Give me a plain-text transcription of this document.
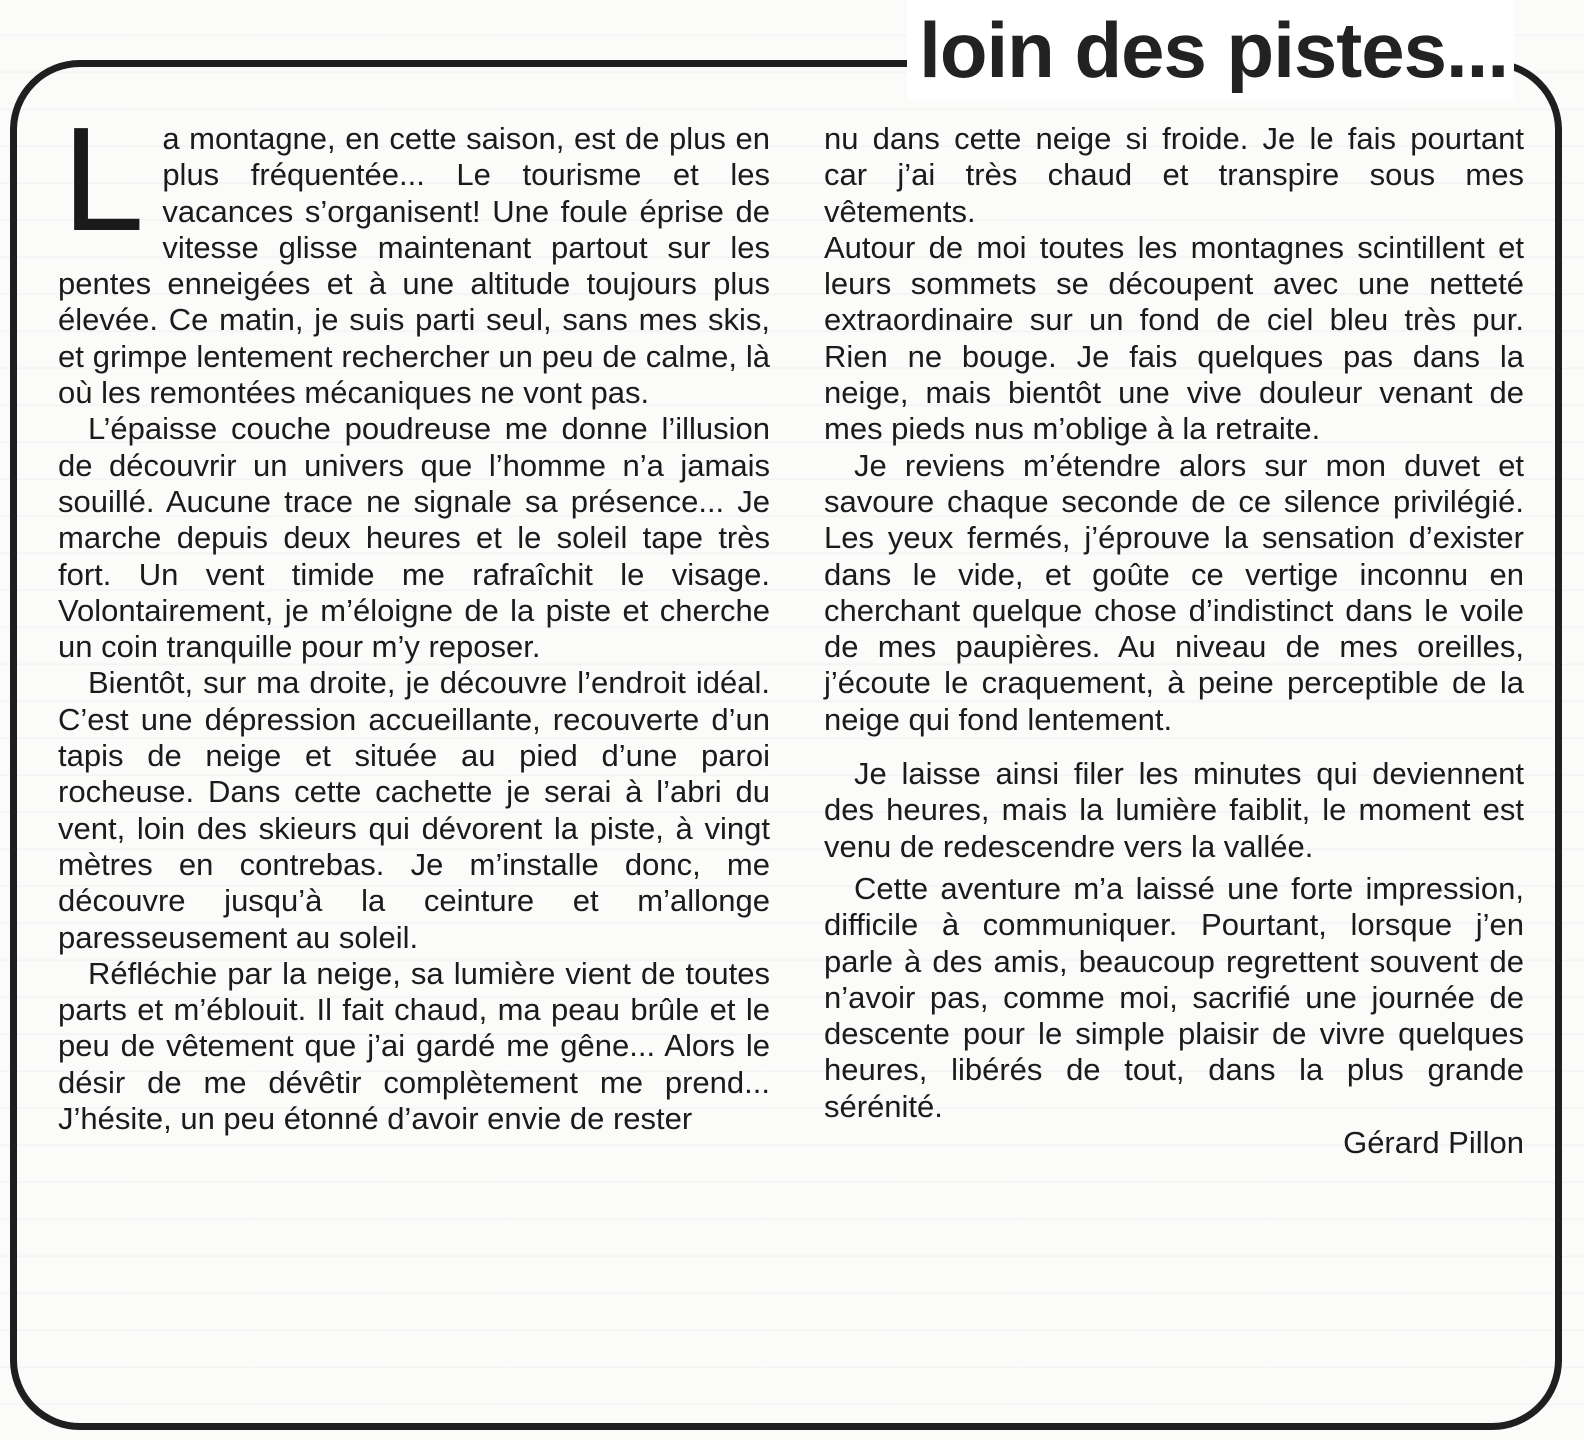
loin des pistes...

La montagne, en cette saison, est de plus en plus fréquentée... Le tourisme et les vacances s’organisent! Une foule éprise de vitesse glisse maintenant partout sur les pentes enneigées et à une altitude toujours plus élevée. Ce matin, je suis parti seul, sans mes skis, et grimpe lentement rechercher un peu de calme, là où les remontées mécaniques ne vont pas.

L’épaisse couche poudreuse me donne l’illusion de découvrir un univers que l’homme n’a jamais souillé. Aucune trace ne signale sa présence... Je marche depuis deux heures et le soleil tape très fort. Un vent timide me rafraîchit le visage. Volontairement, je m’éloigne de la piste et cherche un coin tranquille pour m’y reposer.

Bientôt, sur ma droite, je découvre l’endroit idéal. C’est une dépression accueillante, recouverte d’un tapis de neige et située au pied d’une paroi rocheuse. Dans cette cachette je serai à l’abri du vent, loin des skieurs qui dévorent la piste, à vingt mètres en contrebas. Je m’installe donc, me découvre jusqu’à la ceinture et m’allonge paresseusement au soleil.

Réfléchie par la neige, sa lumière vient de toutes parts et m’éblouit. Il fait chaud, ma peau brûle et le peu de vêtement que j’ai gardé me gêne... Alors le désir de me dévêtir complètement me prend... J’hésite, un peu étonné d’avoir envie de rester

nu dans cette neige si froide. Je le fais pourtant car j’ai très chaud et transpire sous mes vêtements.

Autour de moi toutes les montagnes scintillent et leurs sommets se découpent avec une netteté extraordinaire sur un fond de ciel bleu très pur. Rien ne bouge. Je fais quelques pas dans la neige, mais bientôt une vive douleur venant de mes pieds nus m’oblige à la retraite.

Je reviens m’étendre alors sur mon duvet et savoure chaque seconde de ce silence privilégié. Les yeux fermés, j’éprouve la sensation d’exister dans le vide, et goûte ce vertige inconnu en cherchant quelque chose d’indistinct dans le voile de mes paupières. Au niveau de mes oreilles, j’écoute le craquement, à peine perceptible de la neige qui fond lentement.

Je laisse ainsi filer les minutes qui deviennent des heures, mais la lumière faiblit, le moment est venu de redescendre vers la vallée.

Cette aventure m’a laissé une forte impression, difficile à communiquer. Pourtant, lorsque j’en parle à des amis, beaucoup regrettent souvent de n’avoir pas, comme moi, sacrifié une journée de descente pour le simple plaisir de vivre quelques heures, libérés de tout, dans la plus grande sérénité.

Gérard Pillon
